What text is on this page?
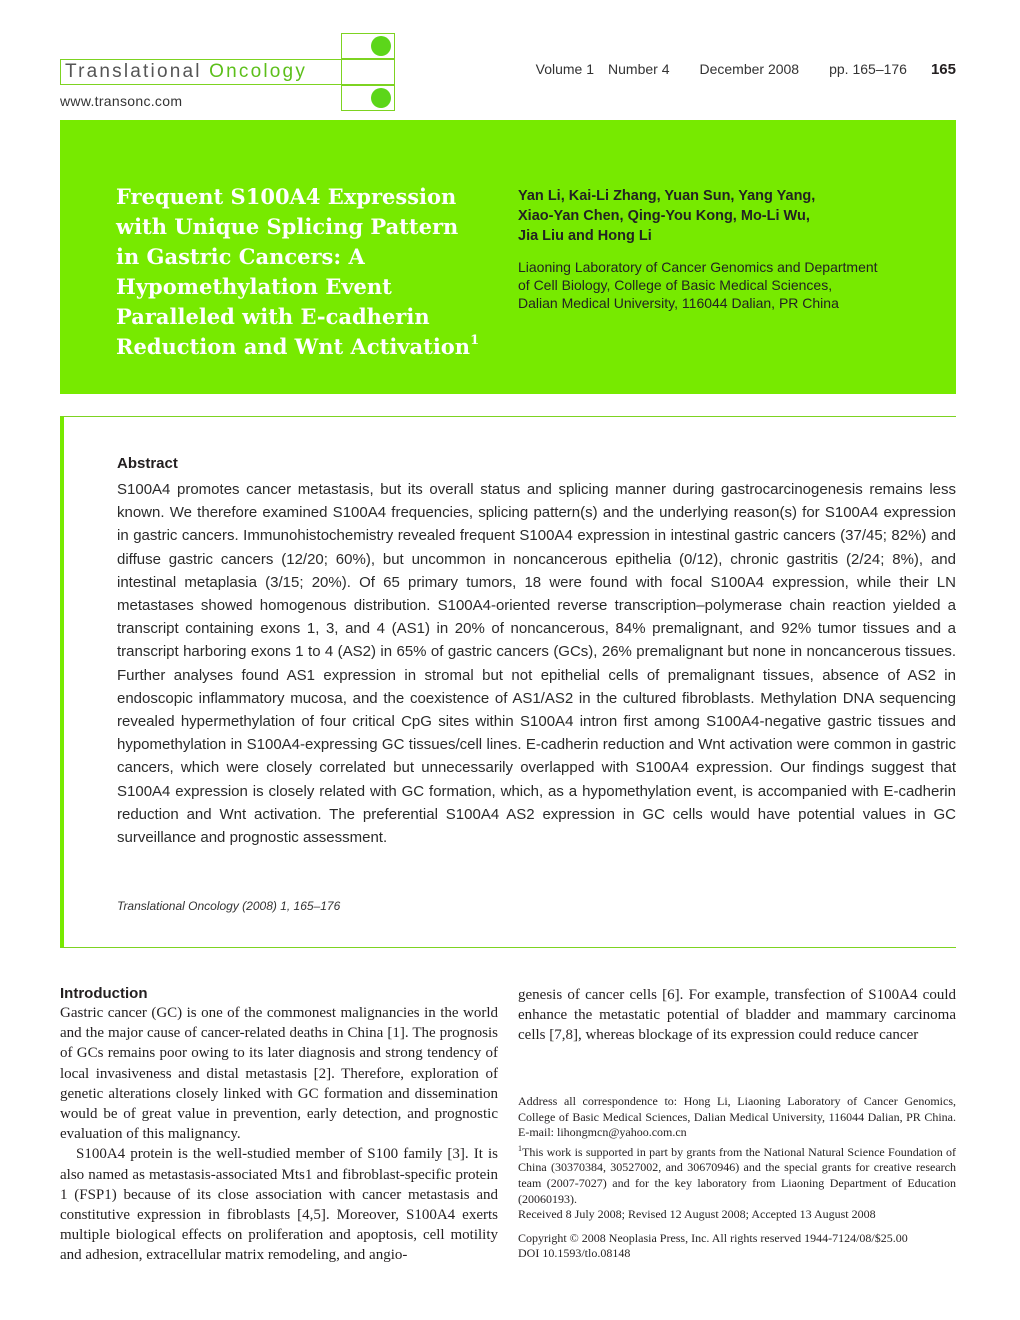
Translational Oncology
www.transonc.com
Volume 1 Number 4 December 2008 pp. 165–176 165
Frequent S100A4 Expression
with Unique Splicing Pattern
in Gastric Cancers: A
Hypomethylation Event
Paralleled with E-cadherin
Reduction and Wnt Activation$^1$
Yan Li, Kai-Li Zhang, Yuan Sun, Yang Yang,
Xiao-Yan Chen, Qing-You Kong, Mo-Li Wu,
Jia Liu and Hong Li
Liaoning Laboratory of Cancer Genomics and Department
of Cell Biology, College of Basic Medical Sciences,
Dalian Medical University, 116044 Dalian, PR China
Abstract
S100A4 promotes cancer metastasis, but its overall status and splicing manner during gastrocarcinogenesis remains less known. We therefore examined S100A4 frequencies, splicing pattern(s) and the underlying reason(s) for S100A4 expression in gastric cancers. Immunohistochemistry revealed frequent S100A4 expression in intestinal gastric cancers (37/45; 82%) and diffuse gastric cancers (12/20; 60%), but uncommon in noncancerous epithelia (0/12), chronic gastritis (2/24; 8%), and intestinal metaplasia (3/15; 20%). Of 65 primary tumors, 18 were found with focal S100A4 expression, while their LN metastases showed homogenous distribution. S100A4-oriented reverse transcription–polymerase chain reaction yielded a transcript containing exons 1, 3, and 4 (AS1) in 20% of noncancerous, 84% premalignant, and 92% tumor tissues and a transcript harboring exons 1 to 4 (AS2) in 65% of gastric cancers (GCs), 26% premalignant but none in noncancerous tissues. Further analyses found AS1 expression in stromal but not epithelial cells of premalignant tissues, absence of AS2 in endoscopic inflammatory mucosa, and the coexistence of AS1/AS2 in the cultured fibroblasts. Methylation DNA sequencing revealed hypermethylation of four critical CpG sites within S100A4 intron first among S100A4-negative gastric tissues and hypomethylation in S100A4-expressing GC tissues/cell lines. E-cadherin reduction and Wnt activation were common in gastric cancers, which were closely correlated but unnecessarily overlapped with S100A4 expression. Our findings suggest that S100A4 expression is closely related with GC formation, which, as a hypomethylation event, is accompanied with E-cadherin reduction and Wnt activation. The preferential S100A4 AS2 expression in GC cells would have potential values in GC surveillance and prognostic assessment.
Translational Oncology (2008) 1, 165–176
Introduction

Gastric cancer (GC) is one of the commonest malignancies in the world and the major cause of cancer-related deaths in China [1]. The prognosis of GCs remains poor owing to its later diagnosis and strong tendency of local invasiveness and distal metastasis [2]. Therefore, exploration of genetic alterations closely linked with GC formation and dissemination would be of great value in prevention, early detection, and prognostic evaluation of this malignancy.

S100A4 protein is the well-studied member of S100 family [3]. It is also named as metastasis-associated Mts1 and fibroblast-specific protein 1 (FSP1) because of its close association with cancer metastasis and constitutive expression in fibroblasts [4,5]. Moreover, S100A4 exerts multiple biological effects on proliferation and apoptosis, cell motility and adhesion, extracellular matrix remodeling, and angio-

genesis of cancer cells [6]. For example, transfection of S100A4 could enhance the metastatic potential of bladder and mammary carcinoma cells [7,8], whereas blockage of its expression could reduce cancer

Address all correspondence to: Hong Li, Liaoning Laboratory of Cancer Genomics, College of Basic Medical Sciences, Dalian Medical University, 116044 Dalian, PR China. E-mail: lihongmcn@yahoo.com.cn

$^1$This work is supported in part by grants from the National Natural Science Foundation of China (30370384, 30527002, and 30670946) and the special grants for creative research team (2007-7027) and for the key laboratory from Liaoning Department of Education (20060193).

Received 8 July 2008; Revised 12 August 2008; Accepted 13 August 2008

Copyright © 2008 Neoplasia Press, Inc. All rights reserved 1944-7124/08/$25.00

DOI 10.1593/tlo.08148
